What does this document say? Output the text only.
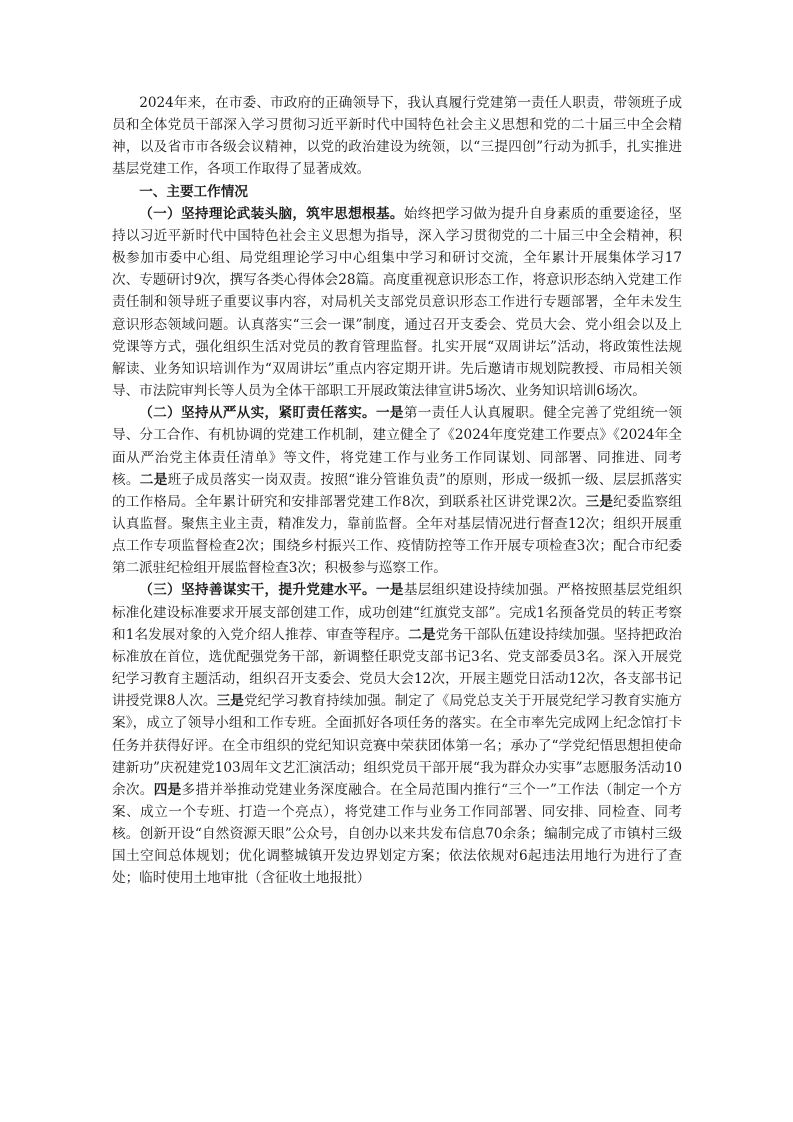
2024年来，在市委、市政府的正确领导下，我认真履行党建第一责任人职责，带领班子成员和全体党员干部深入学习贯彻习近平新时代中国特色社会主义思想和党的二十届三中全会精神，以及省市市各级会议精神，以党的政治建设为统领，以“三提四创”行动为抓手，扎实推进基层党建工作，各项工作取得了显著成效。

一、主要工作情况

（一）坚持理论武装头脑，筑牢思想根基。始终把学习做为提升自身素质的重要途径，坚持以习近平新时代中国特色社会主义思想为指导，深入学习贯彻党的二十届三中全会精神，积极参加市委中心组、局党组理论学习中心组集中学习和研讨交流，全年累计开展集体学习17次、专题研讨9次，撰写各类心得体会28篇。高度重视意识形态工作，将意识形态纳入党建工作责任制和领导班子重要议事内容，对局机关支部党员意识形态工作进行专题部署，全年未发生意识形态领域问题。认真落实“三会一课”制度，通过召开支委会、党员大会、党小组会以及上党课等方式，强化组织生活对党员的教育管理监督。扎实开展“双周讲坛”活动，将政策性法规解读、业务知识培训作为“双周讲坛”重点内容定期开讲。先后邀请市规划院教授、市局相关领导、市法院审判长等人员为全体干部职工开展政策法律宣讲5场次、业务知识培训6场次。

（二）坚持从严从实，紧盯责任落实。一是第一责任人认真履职。健全完善了党组统一领导、分工合作、有机协调的党建工作机制，建立健全了《2024年度党建工作要点》《2024年全面从严治党主体责任清单》等文件，将党建工作与业务工作同谋划、同部署、同推进、同考核。二是班子成员落实一岗双责。按照“谁分管谁负责”的原则，形成一级抓一级、层层抓落实的工作格局。全年累计研究和安排部署党建工作8次，到联系社区讲党课2次。三是纪委监察组认真监督。聚焦主业主责，精准发力，靠前监督。全年对基层情况进行督查12次；组织开展重点工作专项监督检查2次；围绕乡村振兴工作、疫情防控等工作开展专项检查3次；配合市纪委第二派驻纪检组开展监督检查3次；积极参与巡察工作。

（三）坚持善谋实干，提升党建水平。一是基层组织建设持续加强。严格按照基层党组织标准化建设标准要求开展支部创建工作，成功创建“红旗党支部”。完成1名预备党员的转正考察和1名发展对象的入党介绍人推荐、审查等程序。二是党务干部队伍建设持续加强。坚持把政治标准放在首位，选优配强党务干部，新调整任职党支部书记3名、党支部委员3名。深入开展党纪学习教育主题活动，组织召开支委会、党员大会12次，开展主题党日活动12次，各支部书记讲授党课8人次。三是党纪学习教育持续加强。制定了《局党总支关于开展党纪学习教育实施方案》，成立了领导小组和工作专班。全面抓好各项任务的落实。在全市率先完成网上纪念馆打卡任务并获得好评。在全市组织的党纪知识竞赛中荣获团体第一名；承办了“学党纪悟思想担使命建新功”庆祝建党103周年文艺汇演活动；组织党员干部开展“我为群众办实事”志愿服务活动10余次。四是多措并举推动党建业务深度融合。在全局范围内推行“三个一”工作法（制定一个方案、成立一个专班、打造一个亮点），将党建工作与业务工作同部署、同安排、同检查、同考核。创新开设“自然资源天眼”公众号，自创办以来共发布信息70余条；编制完成了市镇村三级国土空间总体规划；优化调整城镇开发边界划定方案；依法依规对6起违法用地行为进行了查处；临时使用土地审批（含征收土地报批）
